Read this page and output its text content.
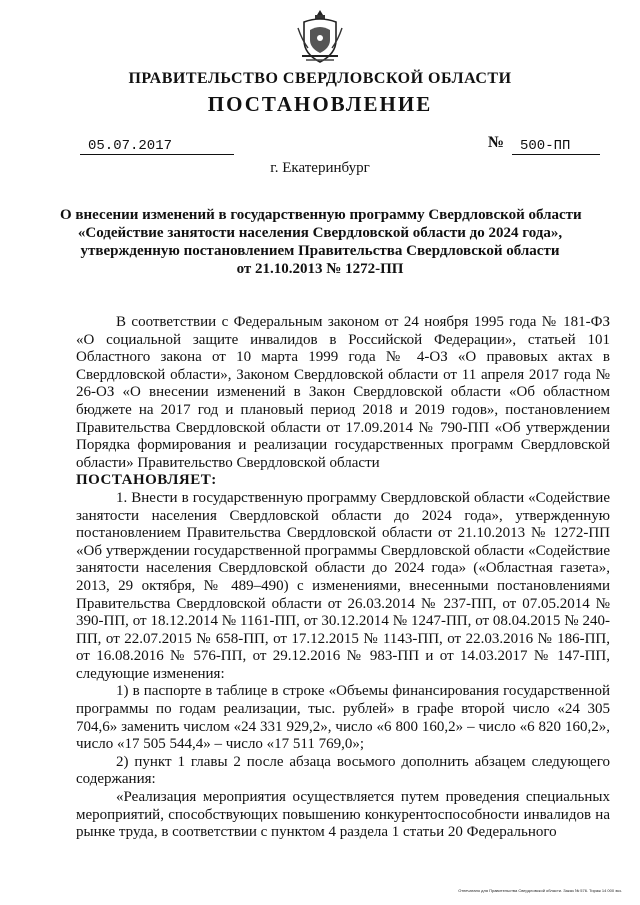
ПРАВИТЕЛЬСТВО СВЕРДЛОВСКОЙ ОБЛАСТИ
ПОСТАНОВЛЕНИЕ
05.07.2017	№	500-ПП
г. Екатеринбург
О внесении изменений в государственную программу Свердловской области
«Содействие занятости населения Свердловской области до 2024 года»,
утвержденную постановлением Правительства Свердловской области
от 21.10.2013 № 1272-ПП

В соответствии с Федеральным законом от 24 ноября 1995 года № 181-ФЗ «О социальной защите инвалидов в Российской Федерации», статьей 101 Областного закона от 10 марта 1999 года № 4-ОЗ «О правовых актах в Свердловской области», Законом Свердловской области от 11 апреля 2017 года № 26-ОЗ «О внесении изменений в Закон Свердловской области «Об областном бюджете на 2017 год и плановый период 2018 и 2019 годов», постановлением Правительства Свердловской области от 17.09.2014 № 790-ПП «Об утверждении Порядка формирования и реализации государственных программ Свердловской области» Правительство Свердловской области

ПОСТАНОВЛЯЕТ:

1. Внести в государственную программу Свердловской области «Содействие занятости населения Свердловской области до 2024 года», утвержденную постановлением Правительства Свердловской области от 21.10.2013 № 1272-ПП «Об утверждении государственной программы Свердловской области «Содействие занятости населения Свердловской области до 2024 года» («Областная газета», 2013, 29 октября, № 489–490) с изменениями, внесенными постановлениями Правительства Свердловской области от 26.03.2014 № 237-ПП, от 07.05.2014 № 390-ПП, от 18.12.2014 № 1161-ПП, от 30.12.2014 № 1247-ПП, от 08.04.2015 № 240-ПП, от 22.07.2015 № 658-ПП, от 17.12.2015 № 1143-ПП, от 22.03.2016 № 186-ПП, от 16.08.2016 № 576-ПП, от 29.12.2016 № 983-ПП и от 14.03.2017 № 147-ПП, следующие изменения:

1) в паспорте в таблице в строке «Объемы финансирования государственной программы по годам реализации, тыс. рублей» в графе второй число «24 305 704,6» заменить числом «24 331 929,2», число «6 800 160,2» – число «6 820 160,2», число «17 505 544,4» – число «17 511 769,0»;

2) пункт 1 главы 2 после абзаца восьмого дополнить абзацем следующего содержания:

«Реализация мероприятия осуществляется путем проведения специальных мероприятий, способствующих повышению конкурентоспособности инвалидов на рынке труда, в соответствии с пунктом 4 раздела 1 статьи 20 Федерального

Отпечатано для Правительства Свердловской области. Заказ № 576. Тираж 14 000 экз.
